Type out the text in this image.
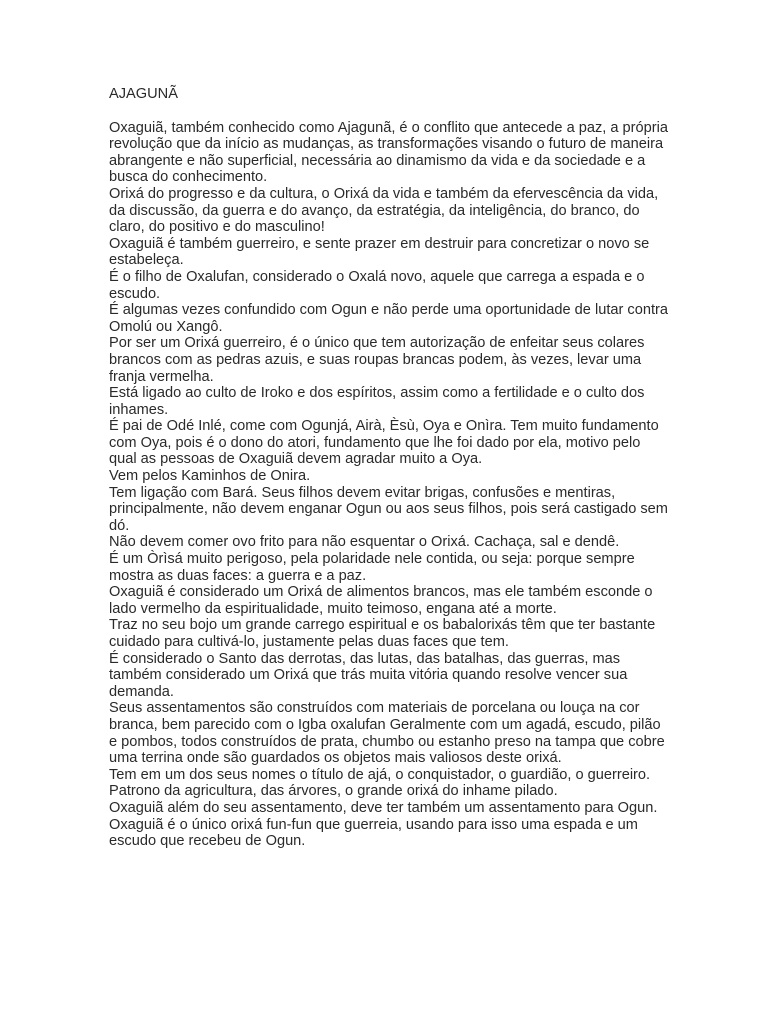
AJAGUNÃ

Oxaguiã, também conhecido como Ajagunã, é o conflito que antecede a paz, a própria revolução que da início as mudanças, as transformações visando o futuro de maneira abrangente e não superficial, necessária ao dinamismo da vida e da sociedade e a busca do conhecimento.

Orixá do progresso e da cultura, o Orixá da vida e também da efervescência da vida, da discussão, da guerra e do avanço, da estratégia, da inteligência, do branco, do claro, do positivo e do masculino!

Oxaguiã é também guerreiro, e sente prazer em destruir para concretizar o novo se estabeleça.

É o filho de Oxalufan, considerado o Oxalá novo, aquele que carrega a espada e o escudo.

É algumas vezes confundido com Ogun e não perde uma oportunidade de lutar contra Omolú ou Xangô.

Por ser um Orixá guerreiro, é o único que tem autorização de enfeitar seus colares brancos com as pedras azuis, e suas roupas brancas podem, às vezes, levar uma franja vermelha.

Está ligado ao culto de Iroko e dos espíritos, assim como a fertilidade e o culto dos inhames.

É pai de Odé Inlé, come com Ogunjá, Airà, Èsù, Oya e Onìra. Tem muito fundamento com Oya, pois é o dono do atori, fundamento que lhe foi dado por ela, motivo pelo qual as pessoas de Oxaguiã devem agradar muito a Oya.

Vem pelos Kaminhos de Onira.

Tem ligação com Bará. Seus filhos devem evitar brigas, confusões e mentiras, principalmente, não devem enganar Ogun ou aos seus filhos, pois será castigado sem dó.

Não devem comer ovo frito para não esquentar o Orixá. Cachaça, sal e dendê.

É um Òrìsá muito perigoso, pela polaridade nele contida, ou seja: porque sempre mostra as duas faces: a guerra e a paz.

Oxaguiã é considerado um Orixá de alimentos brancos, mas ele também esconde o lado vermelho da espiritualidade, muito teimoso, engana até a morte.

Traz no seu bojo um grande carrego espiritual e os babalorixás têm que ter bastante cuidado para cultivá-lo, justamente pelas duas faces que tem.

É considerado o Santo das derrotas, das lutas, das batalhas, das guerras, mas também considerado um Orixá que trás muita vitória quando resolve vencer sua demanda.

Seus assentamentos são construídos com materiais de porcelana ou louça na cor branca, bem parecido com o Igba oxalufan Geralmente com um agadá, escudo, pilão e pombos, todos construídos de prata, chumbo ou estanho preso na tampa que cobre uma terrina onde são guardados os objetos mais valiosos deste orixá.

Tem em um dos seus nomes o título de ajá, o conquistador, o guardião, o guerreiro.

Patrono da agricultura, das árvores, o grande orixá do inhame pilado.

Oxaguiã além do seu assentamento, deve ter também um assentamento para Ogun.

Oxaguiã é o único orixá fun-fun que guerreia, usando para isso uma espada e um escudo que recebeu de Ogun.
